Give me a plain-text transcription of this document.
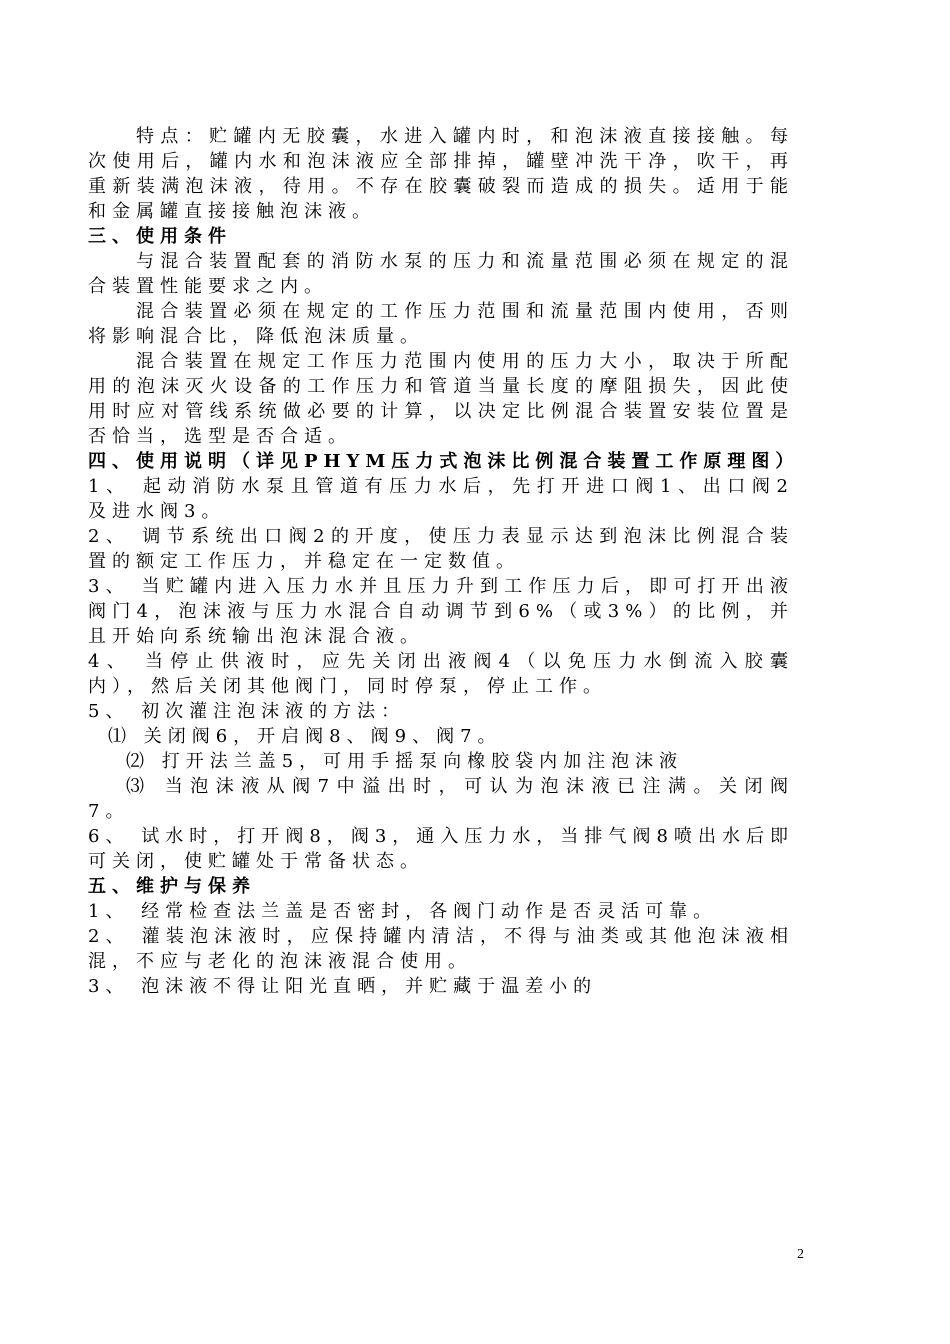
特点：贮罐内无胶囊，水进入罐内时，和泡沫液直接接触。每次使用后，罐内水和泡沫液应全部排掉，罐壁冲洗干净，吹干，再重新装满泡沫液，待用。不存在胶囊破裂而造成的损失。适用于能和金属罐直接接触泡沫液。

三、使用条件

与混合装置配套的消防水泵的压力和流量范围必须在规定的混合装置性能要求之内。

混合装置必须在规定的工作压力范围和流量范围内使用，否则将影响混合比，降低泡沫质量。

混合装置在规定工作压力范围内使用的压力大小，取决于所配用的泡沫灭火设备的工作压力和管道当量长度的摩阻损失，因此使用时应对管线系统做必要的计算，以决定比例混合装置安装位置是否恰当，选型是否合适。

四、使用说明（详见PHYM压力式泡沫比例混合装置工作原理图）

1、 起动消防水泵且管道有压力水后，先打开进口阀1、出口阀2及进水阀3。

2、 调节系统出口阀2的开度，使压力表显示达到泡沫比例混合装置的额定工作压力，并稳定在一定数值。

3、 当贮罐内进入压力水并且压力升到工作压力后，即可打开出液阀门4，泡沫液与压力水混合自动调节到6%（或3%）的比例，并且开始向系统输出泡沫混合液。

4、 当停止供液时，应先关闭出液阀4（以免压力水倒流入胶囊内），然后关闭其他阀门，同时停泵，停止工作。

5、 初次灌注泡沫液的方法：

⑴ 关闭阀6，开启阀8、阀9、阀7。

⑵ 打开法兰盖5，可用手摇泵向橡胶袋内加注泡沫液

⑶ 当泡沫液从阀7中溢出时，可认为泡沫液已注满。关闭阀7。

6、 试水时，打开阀8，阀3，通入压力水，当排气阀8喷出水后即可关闭，使贮罐处于常备状态。

五、维护与保养

1、 经常检查法兰盖是否密封，各阀门动作是否灵活可靠。

2、 灌装泡沫液时，应保持罐内清洁，不得与油类或其他泡沫液相混，不应与老化的泡沫液混合使用。

3、 泡沫液不得让阳光直晒，并贮藏于温差小的

2
